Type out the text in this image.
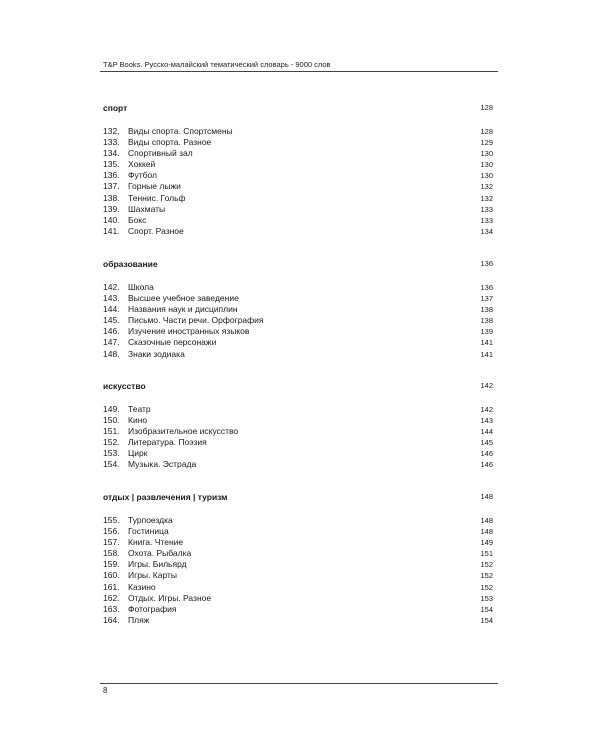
T&P Books. Русско-малайский тематический словарь - 9000 слов
спорт	128
132. Виды спорта. Спортсмены	128
133. Виды спорта. Разное	129
134. Спортивный зал	130
135. Хоккей	130
136. Футбол	130
137. Горные лыжи	132
138. Теннис. Гольф	132
139. Шахматы	133
140. Бокс	133
141. Спорт. Разное	134
образование	136
142. Школа	136
143. Высшее учебное заведение	137
144. Названия наук и дисциплин	138
145. Письмо. Части речи. Орфография	138
146. Изучение иностранных языков	139
147. Сказочные персонажи	141
148. Знаки зодиака	141
искусство	142
149. Театр	142
150. Кино	143
151. Изобразительное искусство	144
152. Литература. Поэзия	145
153. Цирк	146
154. Музыка. Эстрада	146
отдых | развлечения | туризм	148
155. Турпоездка	148
156. Гостиница	148
157. Книга. Чтение	149
158. Охота. Рыбалка	151
159. Игры. Бильярд	152
160. Игры. Карты	152
161. Казино	152
162. Отдых. Игры. Разное	153
163. Фотография	154
164. Пляж	154
8
